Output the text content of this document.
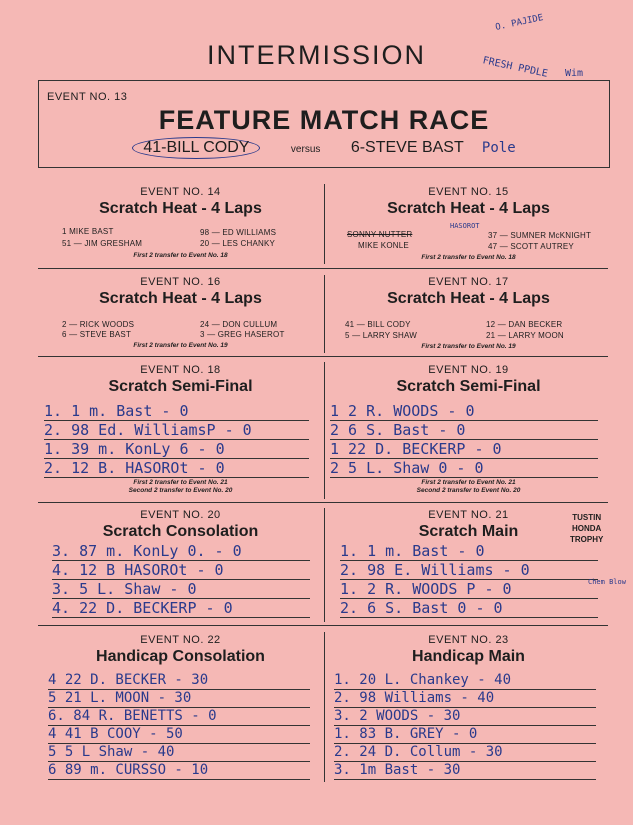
INTERMISSION
O. PAJIDE
FRESH PPDLE Wim
EVENT NO. 13
FEATURE MATCH RACE
41-BILL CODY	versus 6-STEVE BAST Pole
EVENT NO. 14
Scratch Heat - 4 Laps
1 MIKE BAST
51 — JIM GRESHAM
98 — ED WILLIAMS
20 — LES CHANKY
First 2 transfer to Event No. 18
EVENT NO. 15
Scratch Heat - 4 Laps
SONNY NUTTER
HASOROT
MIKE KONLE
37 — SUMNER McKNIGHT
47 — SCOTT AUTREY
First 2 transfer to Event No. 18
EVENT NO. 16
Scratch Heat - 4 Laps
2 — RICK WOODS
6 — STEVE BAST
24 — DON CULLUM
3 — GREG HASEROT
First 2 transfer to Event No. 19
EVENT NO. 17
Scratch Heat - 4 Laps
41 — BILL CODY
5 — LARRY SHAW
12 — DAN BECKER
21 — LARRY MOON
First 2 transfer to Event No. 19
EVENT NO. 18
Scratch Semi-Final
1. 1 m. Bast - 0
2. 98 Ed. WilliamsP - 0
1. 39 m. KonLy 6 - 0
2. 12 B. HASOROt - 0
First 2 transfer to Event No. 21
Second 2 transfer to Event No. 20
EVENT NO. 19
Scratch Semi-Final
1 2 R. WOODS - 0
2 6 S. Bast - 0
1 22 D. BECKERP - 0
2 5 L. Shaw 0 - 0
First 2 transfer to Event No. 21
Second 2 transfer to Event No. 20
EVENT NO. 20
Scratch Consolation
3. 87 m. KonLy 0. - 0
4. 12 B HASOROt - 0
3. 5 L. Shaw - 0
4. 22 D. BECKERP - 0
EVENT NO. 21
Scratch Main
TUSTIN
HONDA
TROPHY
1. 1 m. Bast - 0
2. 98 E. Williams - 0
1. 2 R. WOODS P - 0
2. 6 S. Bast 0 - 0
Chem Blow
EVENT NO. 22
Handicap Consolation
4 22 D. BECKER - 30
5 21 L. MOON - 30
6. 84 R. BENETTS - 0
4 41 B COOY - 50
5 5 L Shaw - 40
6 89 m. CURSSO - 10
EVENT NO. 23
Handicap Main
1. 20 L. Chankey - 40
2. 98 Williams - 40
3. 2 WOODS - 30
1. 83 B. GREY - 0
2. 24 D. Collum - 30
3. 1m Bast - 30
